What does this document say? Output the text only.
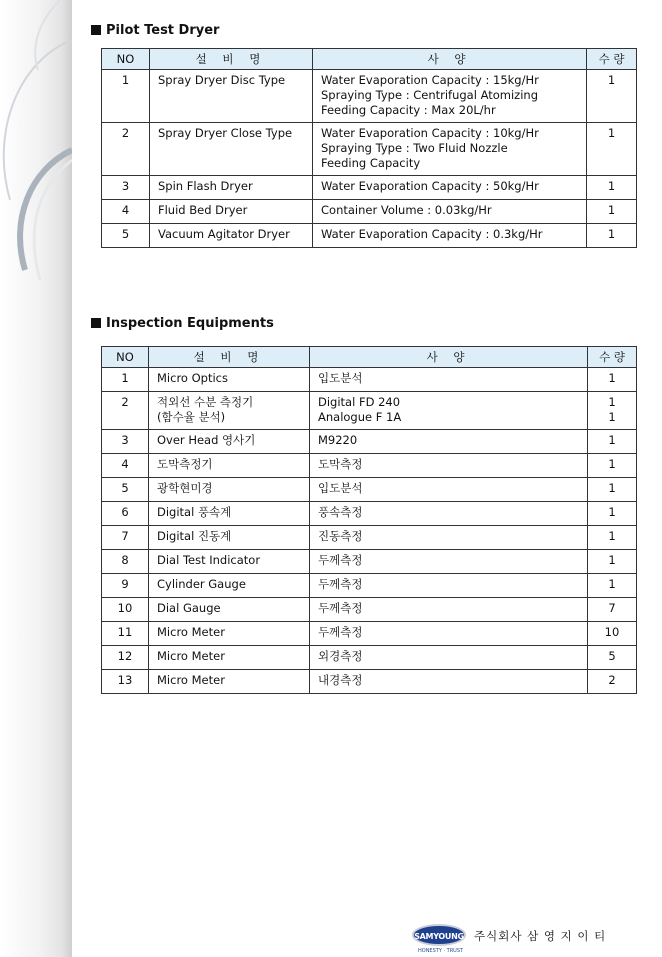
Pilot Test Dryer
NO	설 비 명	사 양	수 량
1	Spray Dryer Disc Type	Water Evaporation Capacity : 15kg/Hr
Spraying Type : Centrifugal Atomizing
Feeding Capacity : Max 20L/hr	1
2	Spray Dryer Close Type	Water Evaporation Capacity : 10kg/Hr
Spraying Type : Two Fluid Nozzle
Feeding Capacity	1
3	Spin Flash Dryer	Water Evaporation Capacity : 50kg/Hr	1
4	Fluid Bed Dryer	Container Volume : 0.03kg/Hr	1
5	Vacuum Agitator Dryer	Water Evaporation Capacity : 0.3kg/Hr	1
Inspection Equipments
NO	설 비 명	사 양	수 량
1	Micro Optics	입도분석	1
2	적외선 수분 측정기
(함수율 분석)	Digital FD 240
Analogue F 1A	1
1
3	Over Head 영사기	M9220	1
4	도막측정기	도막측정	1
5	광학현미경	입도분석	1
6	Digital 풍속계	풍속측정	1
7	Digital 진동계	진동측정	1
8	Dial Test Indicator	두께측정	1
9	Cylinder Gauge	두께측정	1
10	Dial Gauge	두께측정	7
11	Micro Meter	두께측정	10
12	Micro Meter	외경측정	5
13	Micro Meter	내경측정	2
SAMYOUNG
HONESTY · TRUST
주식회사 삼 영 지 이 티
